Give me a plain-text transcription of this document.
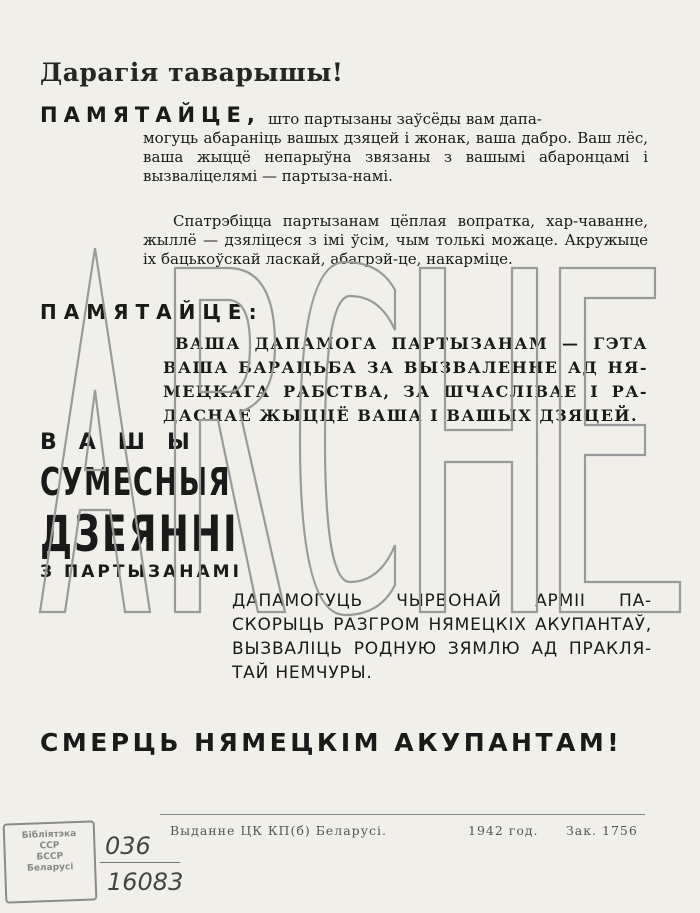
Дарагія таварышы!
ПАМЯТАЙЦЕ, што партызаны заўсёды вам дапа-

могуць абараніць вашых дзяцей і жонак, ваша дабро. Ваш лёс, ваша жыццё непарыўна звязаны з вашымі абаронцамі і вызваліцелямі — партыза-намі.

Спатрэбіцца партызанам цёплая вопратка, хар-чаванне, жыллё — дзяліцеся з імі ўсім, чым толькі можаце. Акружыце іх бацькоўскай ласкай, абагрэй-це, накарміце.

ПАМЯТАЙЦЕ:

ВАША ДАПАМОГА ПАРТЫЗАНАМ — ГЭТА ВАША БАРАЦЬБА ЗА ВЫЗВАЛЕННЕ АД НЯ-МЕЦКАГА РАБСТВА, ЗА ШЧАСЛІВАЕ І РА-ДАСНАЕ ЖЫЦЦЁ ВАША І ВАШЫХ ДЗЯЦЕЙ.

ВАШЫ
СУМЕСНЫЯ
ДЗЕЯННІ
З ПАРТЫЗАНАМІ

ДАПАМОГУЦЬ ЧЫРВОНАЙ АРМІІ ПА-СКОРЫЦЬ РАЗГРОМ НЯМЕЦКІХ АКУПАНТАЎ, ВЫЗВАЛІЦЬ РОДНУЮ ЗЯМЛЮ АД ПРАКЛЯ-ТАЙ НЕМЧУРЫ.

СМЕРЦЬ НЯМЕЦКІМ АКУПАНТАМ!
Выданне ЦК КП(б) Беларусі.	1942 год. Зак. 1756
Бібліятэка
ССР
БССР
Беларусі
036
16083
